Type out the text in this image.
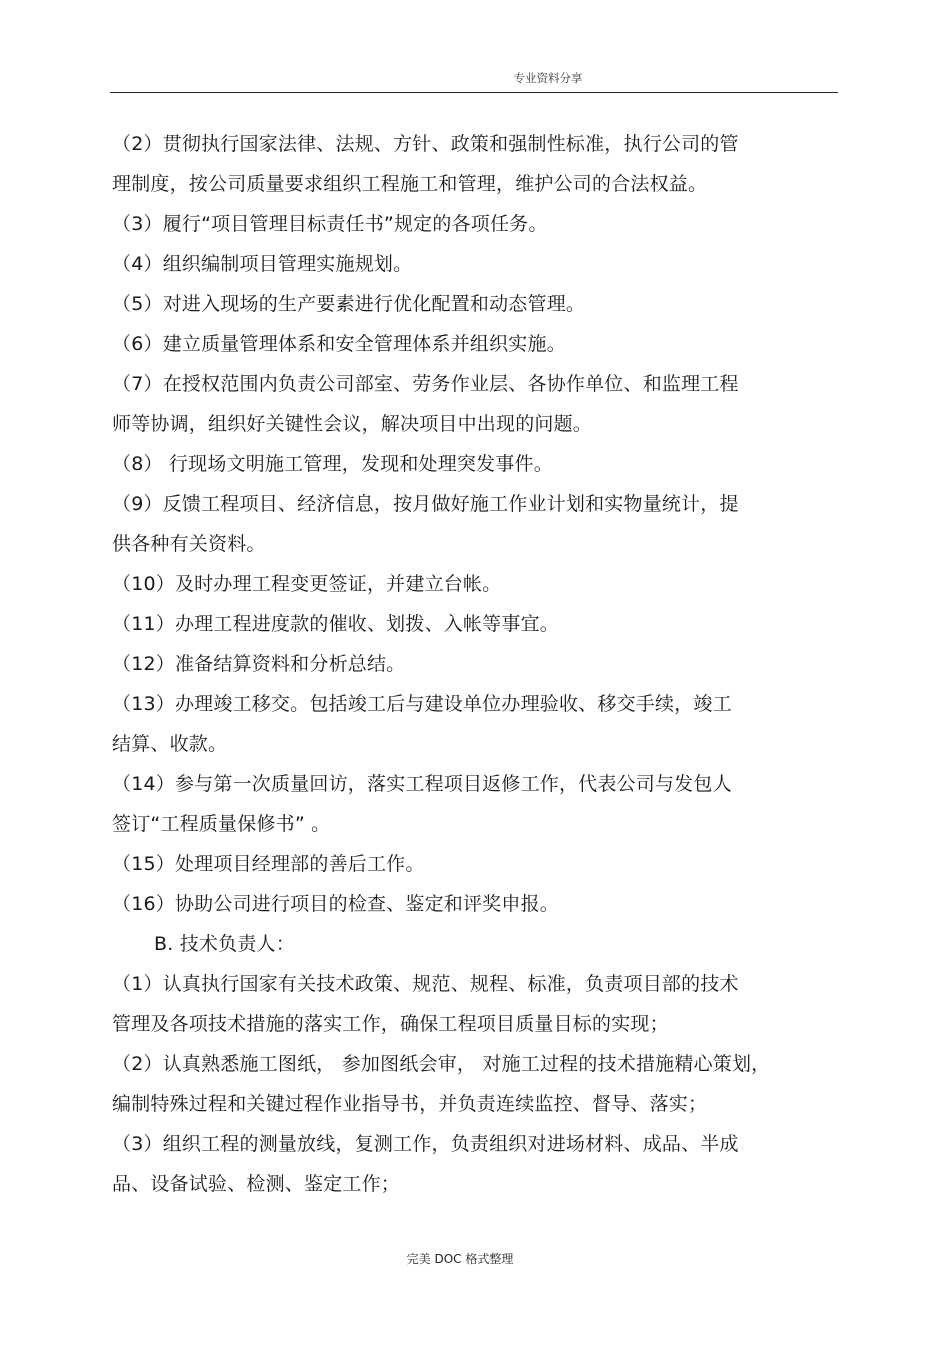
专业资料分享
（2）贯彻执行国家法律、法规、方针、政策和强制性标准，执行公司的管
理制度，按公司质量要求组织工程施工和管理，维护公司的合法权益。
（3）履行“项目管理目标责任书”规定的各项任务。
（4）组织编制项目管理实施规划。
（5）对进入现场的生产要素进行优化配置和动态管理。
（6）建立质量管理体系和安全管理体系并组织实施。
（7）在授权范围内负责公司部室、劳务作业层、各协作单位、和监理工程
师等协调，组织好关键性会议，解决项目中出现的问题。
（8） 行现场文明施工管理，发现和处理突发事件。
（9）反馈工程项目、经济信息，按月做好施工作业计划和实物量统计，提
供各种有关资料。
（10）及时办理工程变更签证，并建立台帐。
（11）办理工程进度款的催收、划拨、入帐等事宜。
（12）准备结算资料和分析总结。
（13）办理竣工移交。包括竣工后与建设单位办理验收、移交手续，竣工
结算、收款。
（14）参与第一次质量回访，落实工程项目返修工作，代表公司与发包人
签订“工程质量保修书” 。
（15）处理项目经理部的善后工作。
（16）协助公司进行项目的检查、鉴定和评奖申报。
B. 技术负责人：
（1）认真执行国家有关技术政策、规范、规程、标准，负责项目部的技术
管理及各项技术措施的落实工作，确保工程项目质量目标的实现；
（2）认真熟悉施工图纸， 参加图纸会审， 对施工过程的技术措施精心策划，
编制特殊过程和关键过程作业指导书，并负责连续监控、督导、落实；
（3）组织工程的测量放线，复测工作，负责组织对进场材料、成品、半成
品、设备试验、检测、鉴定工作；
完美 DOC 格式整理
